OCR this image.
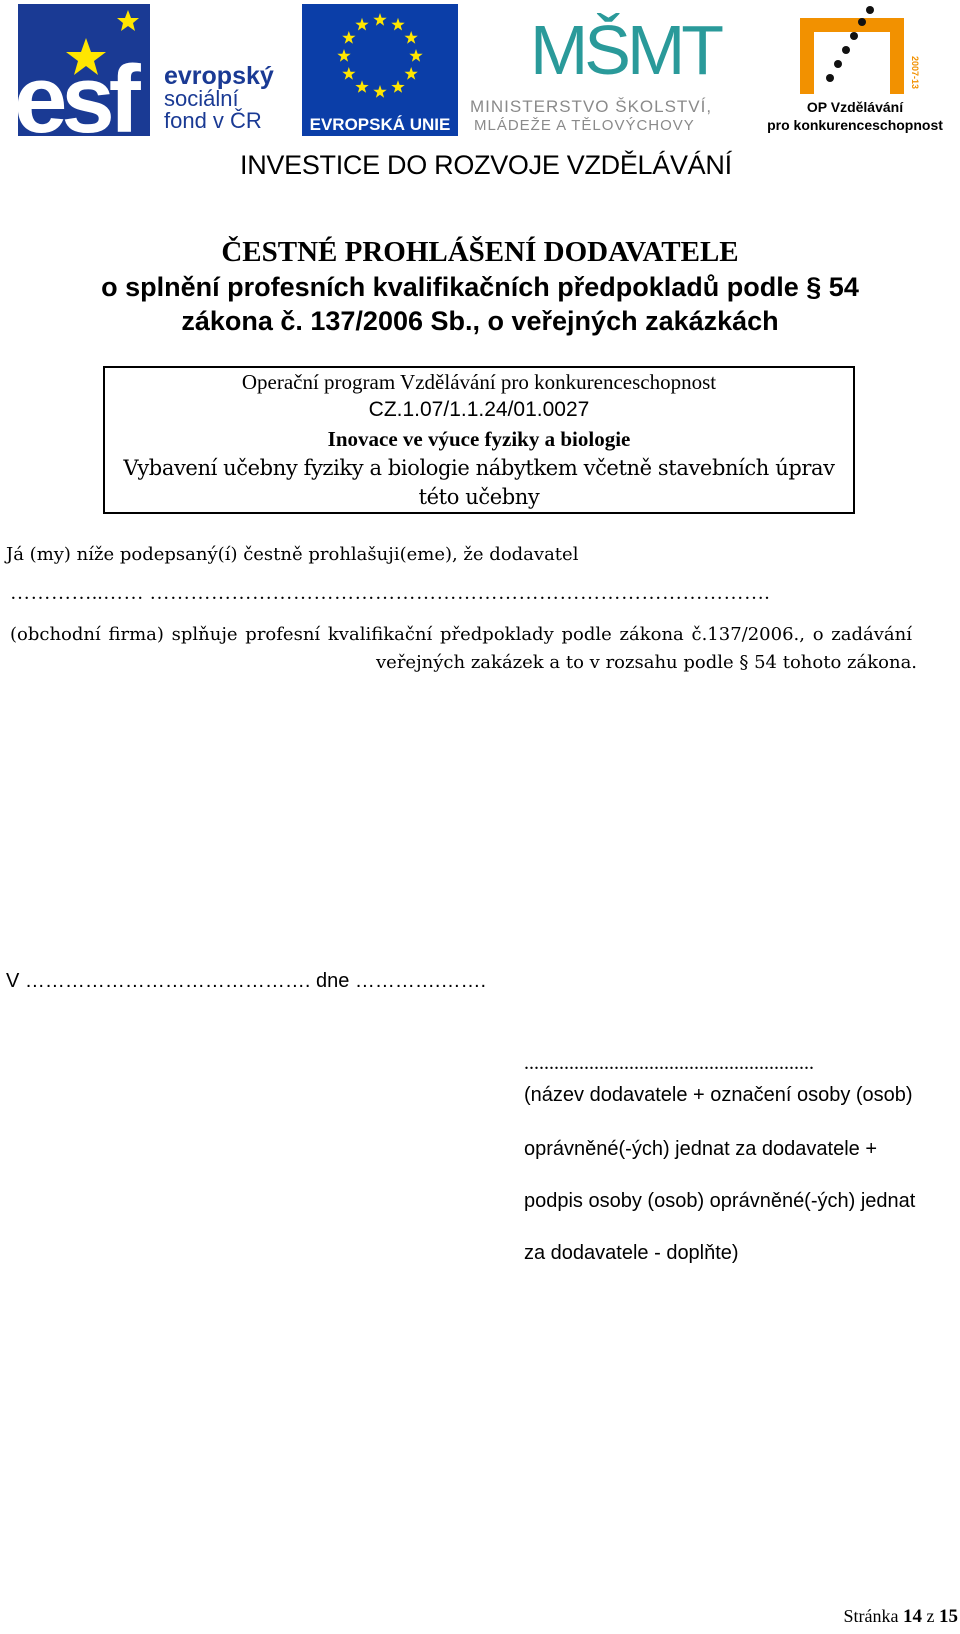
esf evropský
sociální
fond v ČR	EVROPSKÁ UNIE
MŠMT
MINISTERSTVO ŠKOLSTVÍ,
MLÁDEŽE A TĚLOVÝCHOVY
2007-13
OP Vzdělávání
pro konkurenceschopnost
INVESTICE DO ROZVOJE VZDĚLÁVÁNÍ
ČESTNÉ PROHLÁŠENÍ DODAVATELE
o splnění profesních kvalifikačních předpokladů podle § 54
zákona č. 137/2006 Sb., o veřejných zakázkách
Operační program Vzdělávání pro konkurenceschopnost
CZ.1.07/1.1.24/01.0027
Inovace ve výuce fyziky a biologie
Vybavení učebny fyziky a biologie nábytkem včetně stavebních úprav
této učebny
Já (my) níže podepsaný(í) čestně prohlašuji(eme), že dodavatel
…………..…… ……………………………………………………………………………….
(obchodní firma) splňuje profesní kvalifikační předpoklady podle zákona č.137/2006., o zadávání
veřejných zakázek a to v rozsahu podle § 54 tohoto zákona.
V ……………………………………. dne ………….…….
..........................................................
(název dodavatele + označení osoby (osob)
oprávněné(-ých) jednat za dodavatele +
podpis osoby (osob) oprávněné(-ých) jednat
za dodavatele - doplňte)
Stránka 14 z 15
